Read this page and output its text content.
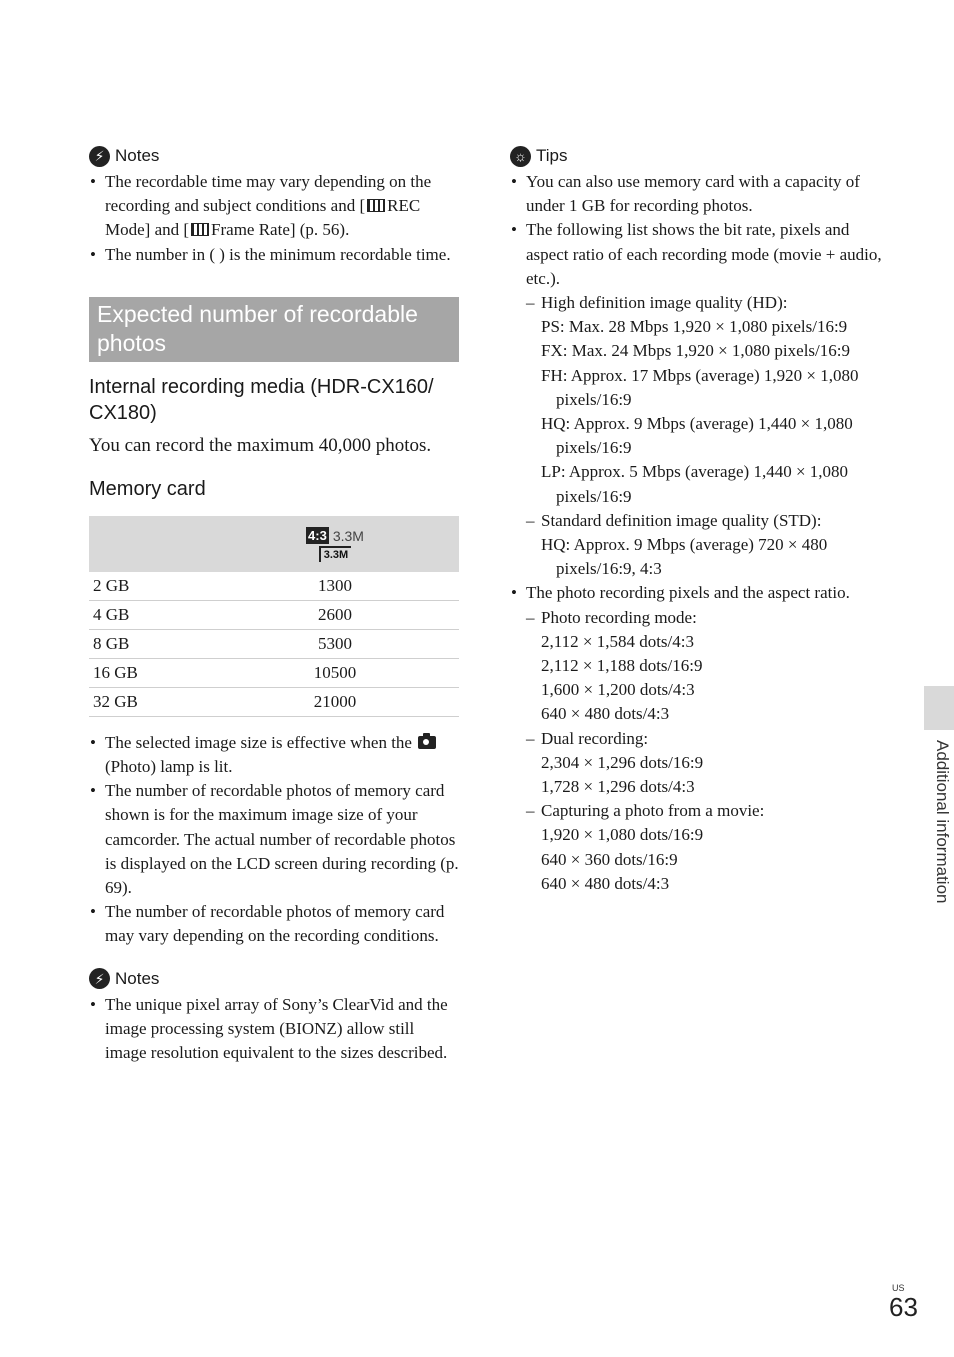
⚡ Notes
• The recordable time may vary depending on the recording and subject conditions and [ REC Mode] and [ Frame Rate] (p. 56).
• The number in ( ) is the minimum recordable time.
Expected number of recordable photos
Internal recording media (HDR-CX160/ CX180)
You can record the maximum 40,000 photos.
Memory card

	4:3 3.3M
3.3M

2 GB	1300
4 GB	2600
8 GB	5300
16 GB	10500
32 GB	21000
• The selected image size is effective when the  (Photo) lamp is lit.
• The number of recordable photos of memory card shown is for the maximum image size of your camcorder. The actual number of recordable photos is displayed on the LCD screen during recording (p. 69).
• The number of recordable photos of memory card may vary depending on the recording conditions.
⚡ Notes
• The unique pixel array of Sony’s ClearVid and the image processing system (BIONZ) allow still image resolution equivalent to the sizes described.
☼ Tips
• You can also use memory card with a capacity of under 1 GB for recording photos.
• The following list shows the bit rate, pixels and aspect ratio of each recording mode (movie + audio, etc.).
– High definition image quality (HD):
PS: Max. 28 Mbps 1,920 × 1,080 pixels/16:9
FX: Max. 24 Mbps 1,920 × 1,080 pixels/16:9
FH: Approx. 17 Mbps (average) 1,920 × 1,080 pixels/16:9
HQ: Approx. 9 Mbps (average) 1,440 × 1,080 pixels/16:9
LP: Approx. 5 Mbps (average) 1,440 × 1,080 pixels/16:9
– Standard definition image quality (STD):
HQ: Approx. 9 Mbps (average) 720 × 480 pixels/16:9, 4:3
• The photo recording pixels and the aspect ratio.
– Photo recording mode:
2,112 × 1,584 dots/4:3
2,112 × 1,188 dots/16:9
1,600 × 1,200 dots/4:3
640 × 480 dots/4:3
– Dual recording:
2,304 × 1,296 dots/16:9
1,728 × 1,296 dots/4:3
– Capturing a photo from a movie:
1,920 × 1,080 dots/16:9
640 × 360 dots/16:9
640 × 480 dots/4:3	Additional information
US
63
